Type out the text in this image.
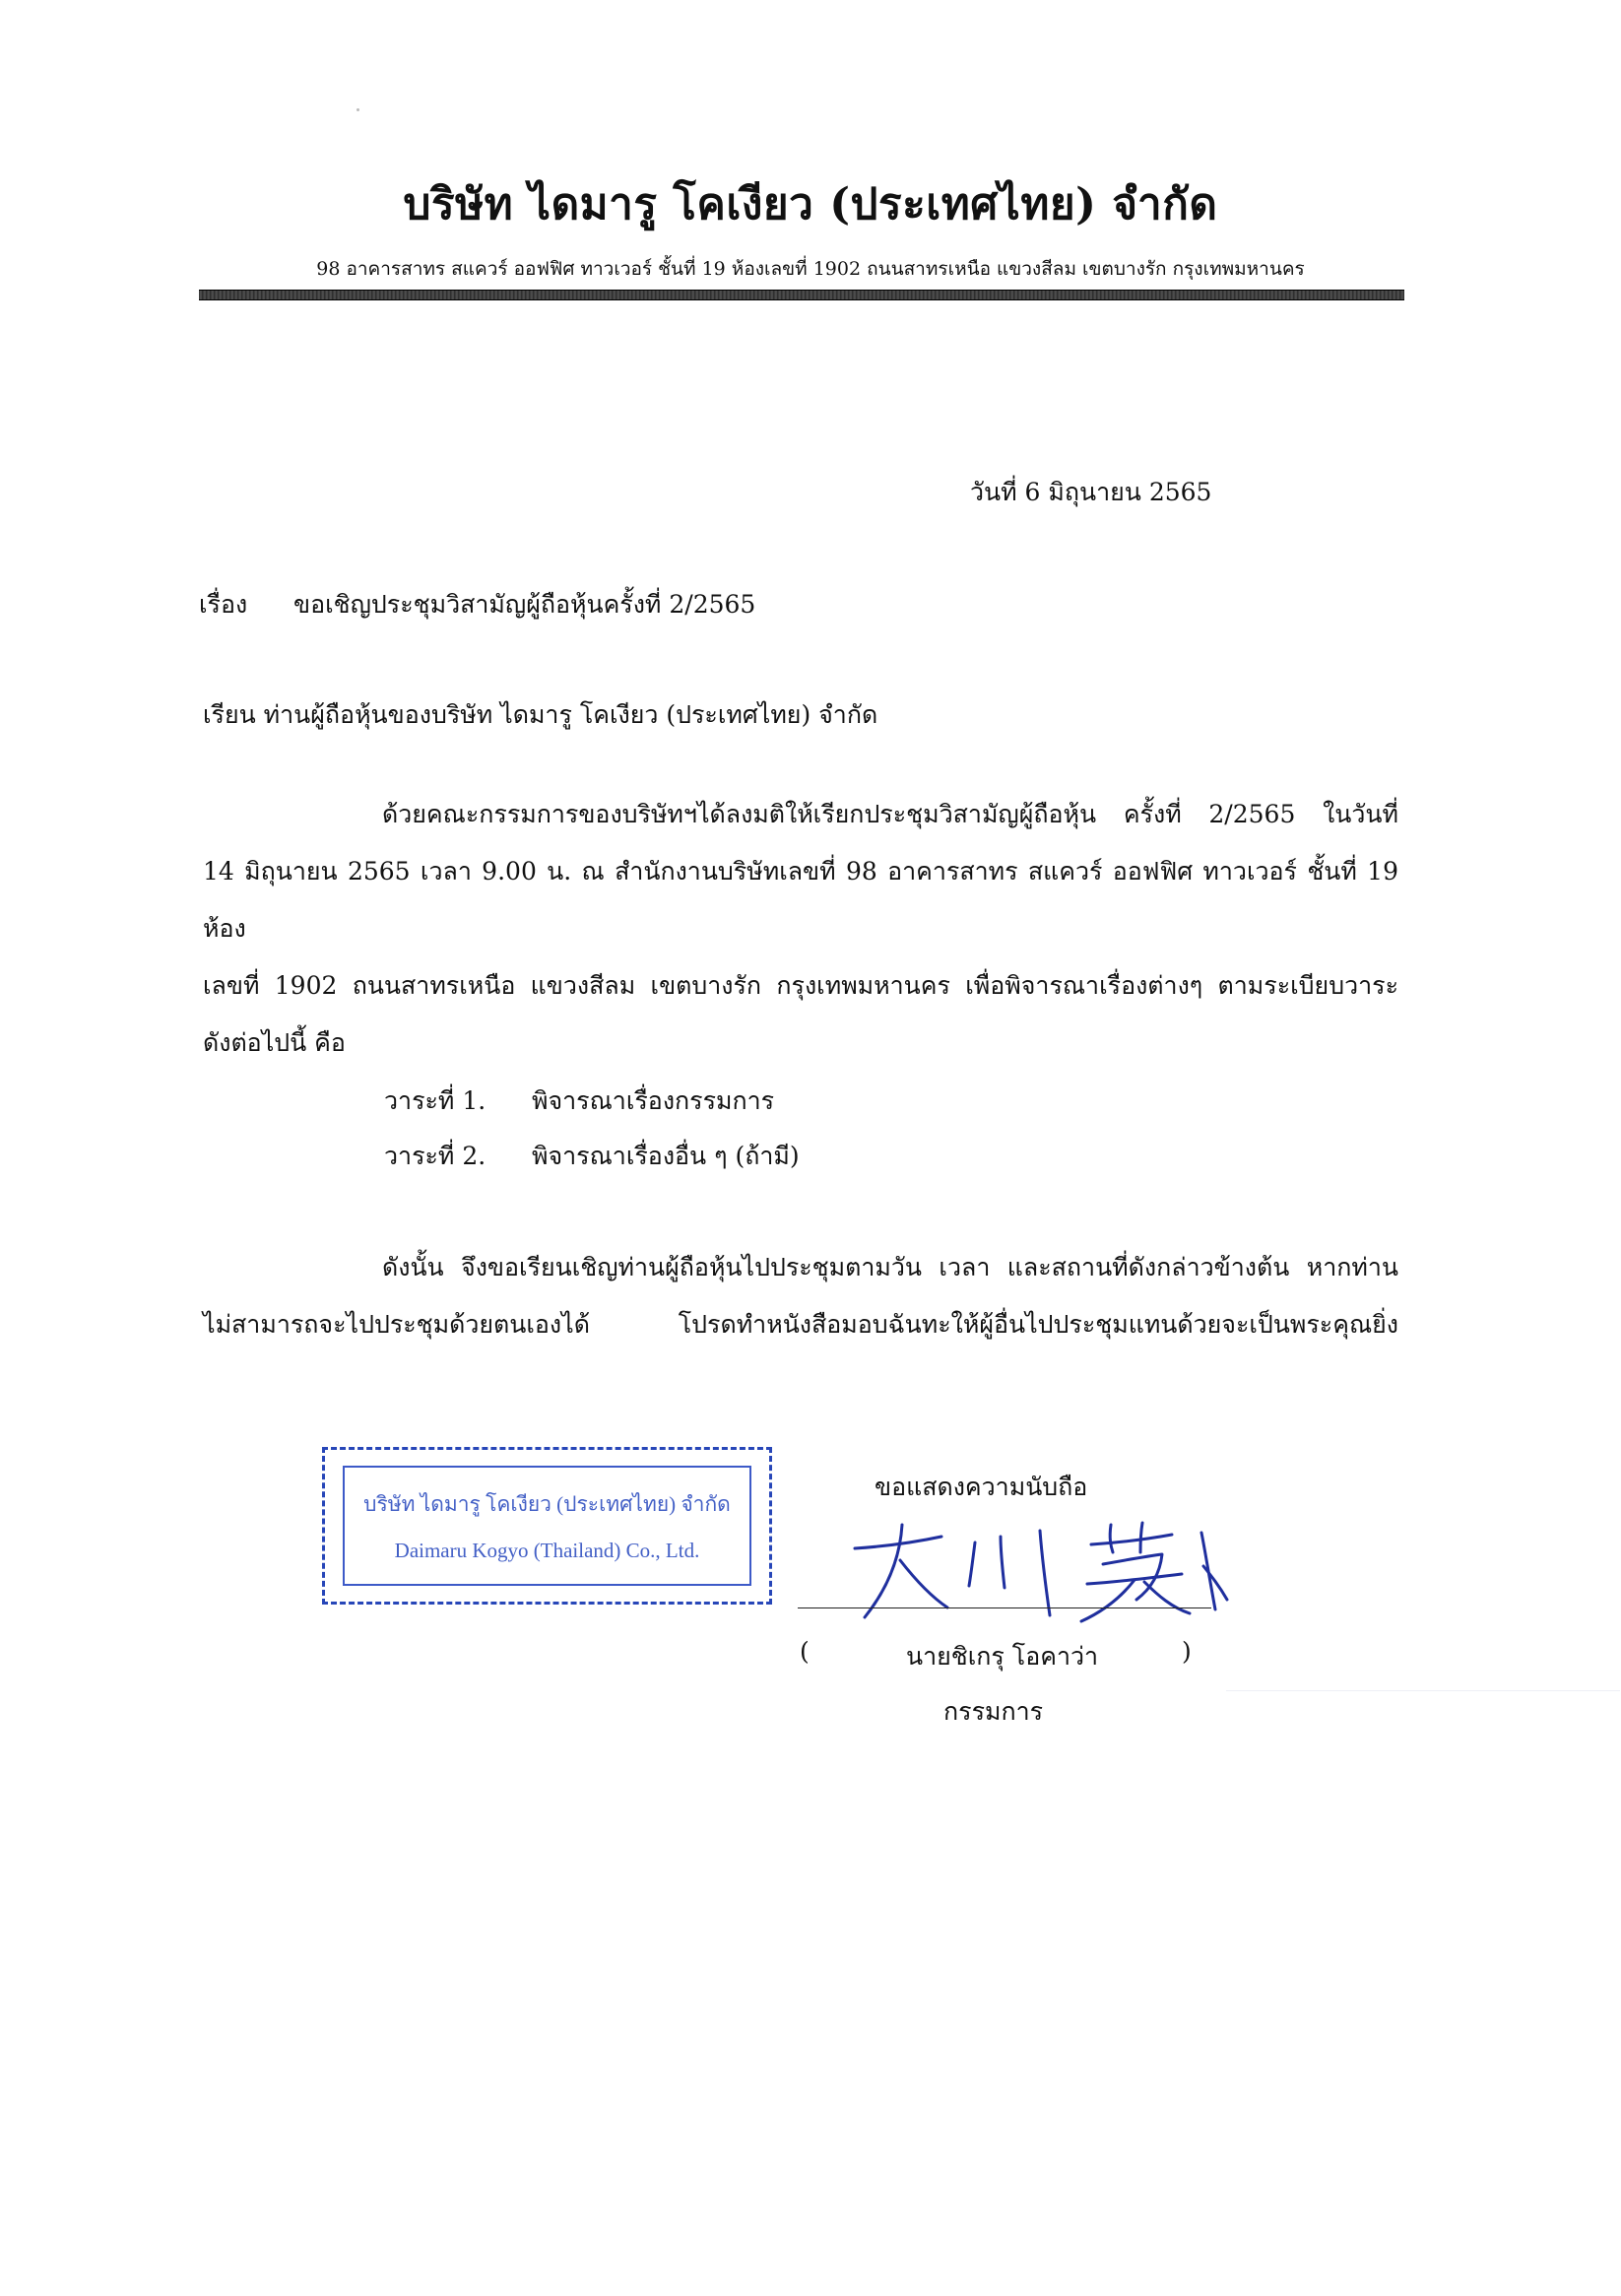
บริษัท ไดมารู โคเงียว (ประเทศไทย) จำกัด
98 อาคารสาทร สแควร์ ออฟฟิศ ทาวเวอร์ ชั้นที่ 19 ห้องเลขที่ 1902 ถนนสาทรเหนือ แขวงสีลม เขตบางรัก กรุงเทพมหานคร
วันที่ 6 มิถุนายน 2565
เรื่อง ขอเชิญประชุมวิสามัญผู้ถือหุ้นครั้งที่ 2/2565
เรียน ท่านผู้ถือหุ้นของบริษัท ไดมารู โคเงียว (ประเทศไทย) จำกัด
ด้วยคณะกรรมการของบริษัทฯได้ลงมติให้เรียกประชุมวิสามัญผู้ถือหุ้น ครั้งที่ 2/2565 ในวันที่
14 มิถุนายน 2565 เวลา 9.00 น. ณ สำนักงานบริษัทเลขที่ 98 อาคารสาทร สแควร์ ออฟฟิศ ทาวเวอร์ ชั้นที่ 19 ห้อง
เลขที่ 1902 ถนนสาทรเหนือ แขวงสีลม เขตบางรัก กรุงเทพมหานคร เพื่อพิจารณาเรื่องต่างๆ ตามระเบียบวาระ
ดังต่อไปนี้ คือ
วาระที่ 1. พิจารณาเรื่องกรรมการ
วาระที่ 2. พิจารณาเรื่องอื่น ๆ (ถ้ามี)
ดังนั้น จึงขอเรียนเชิญท่านผู้ถือหุ้นไปประชุมตามวัน เวลา และสถานที่ดังกล่าวข้างต้น หากท่าน
ไม่สามารถจะไปประชุมด้วยตนเองได้ โปรดทำหนังสือมอบฉันทะให้ผู้อื่นไปประชุมแทนด้วยจะเป็นพระคุณยิ่ง
บริษัท ไดมารู โคเงียว (ประเทศไทย) จำกัด
Daimaru Kogyo (Thailand) Co., Ltd.
ขอแสดงความนับถือ
(	นายชิเกรุ โอคาว่า	)
กรรมการ
